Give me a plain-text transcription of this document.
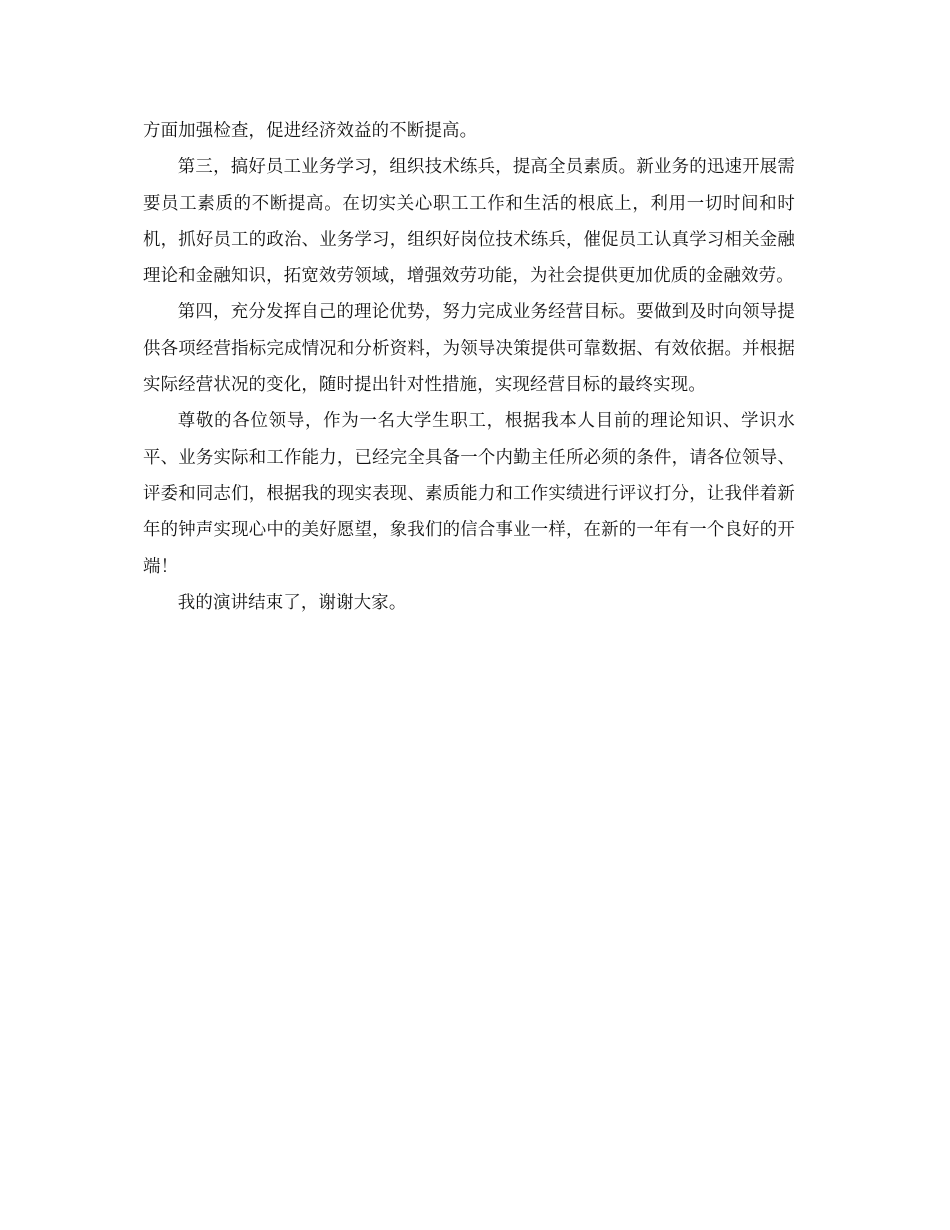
方面加强检查，促进经济效益的不断提高。

第三，搞好员工业务学习，组织技术练兵，提高全员素质。新业务的迅速开展需要员工素质的不断提高。在切实关心职工工作和生活的根底上，利用一切时间和时机，抓好员工的政治、业务学习，组织好岗位技术练兵，催促员工认真学习相关金融理论和金融知识，拓宽效劳领域，增强效劳功能，为社会提供更加优质的金融效劳。

第四，充分发挥自己的理论优势，努力完成业务经营目标。要做到及时向领导提供各项经营指标完成情况和分析资料，为领导决策提供可靠数据、有效依据。并根据实际经营状况的变化，随时提出针对性措施，实现经营目标的最终实现。

尊敬的各位领导，作为一名大学生职工，根据我本人目前的理论知识、学识水平、业务实际和工作能力，已经完全具备一个内勤主任所必须的条件，请各位领导、评委和同志们，根据我的现实表现、素质能力和工作实绩进行评议打分，让我伴着新年的钟声实现心中的美好愿望，象我们的信合事业一样，在新的一年有一个良好的开端！

我的演讲结束了，谢谢大家。
